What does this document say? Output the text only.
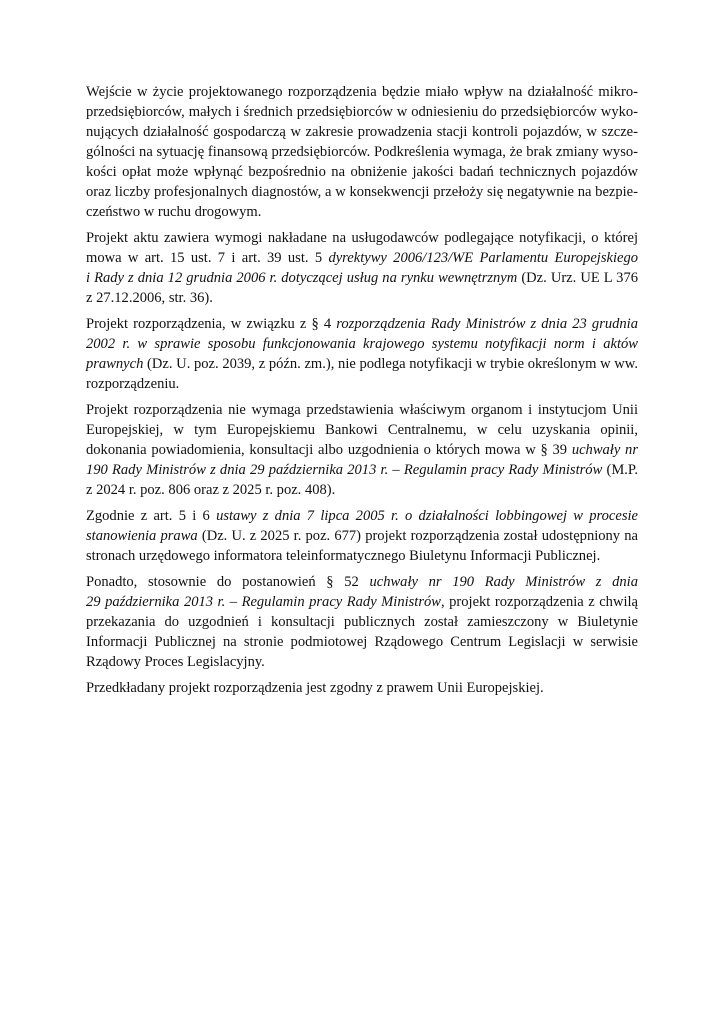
Wejście w życie projektowanego rozporządzenia będzie miało wpływ na działalność mikroprzedsiębiorców, małych i średnich przedsiębiorców w odniesieniu do przedsiębiorców wykonujących działalność gospodarczą w zakresie prowadzenia stacji kontroli pojazdów, w szczególności na sytuację finansową przedsiębiorców. Podkreślenia wymaga, że brak zmiany wysokości opłat może wpłynąć bezpośrednio na obniżenie jakości badań technicznych pojazdów oraz liczby profesjonalnych diagnostów, a w konsekwencji przełoży się negatywnie na bezpieczeństwo w ruchu drogowym.

Projekt aktu zawiera wymogi nakładane na usługodawców podlegające notyfikacji, o której mowa w art. 15 ust. 7 i art. 39 ust. 5 dyrektywy 2006/123/WE Parlamentu Europejskiego i Rady z dnia 12 grudnia 2006 r. dotyczącej usług na rynku wewnętrznym (Dz. Urz. UE L 376 z 27.12.2006, str. 36).

Projekt rozporządzenia, w związku z § 4 rozporządzenia Rady Ministrów z dnia 23 grudnia 2002 r. w sprawie sposobu funkcjonowania krajowego systemu notyfikacji norm i aktów prawnych (Dz. U. poz. 2039, z późn. zm.), nie podlega notyfikacji w trybie określonym w ww. rozporządzeniu.

Projekt rozporządzenia nie wymaga przedstawienia właściwym organom i instytucjom Unii Europejskiej, w tym Europejskiemu Bankowi Centralnemu, w celu uzyskania opinii, dokonania powiadomienia, konsultacji albo uzgodnienia o których mowa w § 39 uchwały nr 190 Rady Ministrów z dnia 29 października 2013 r. – Regulamin pracy Rady Ministrów (M.P. z 2024 r. poz. 806 oraz z 2025 r. poz. 408).

Zgodnie z art. 5 i 6 ustawy z dnia 7 lipca 2005 r. o działalności lobbingowej w procesie stanowienia prawa (Dz. U. z 2025 r. poz. 677) projekt rozporządzenia został udostępniony na stronach urzędowego informatora teleinformatycznego Biuletynu Informacji Publicznej.

Ponadto, stosownie do postanowień § 52 uchwały nr 190 Rady Ministrów z dnia 29 października 2013 r. – Regulamin pracy Rady Ministrów, projekt rozporządzenia z chwilą przekazania do uzgodnień i konsultacji publicznych został zamieszczony w Biuletynie Informacji Publicznej na stronie podmiotowej Rządowego Centrum Legislacji w serwisie Rządowy Proces Legislacyjny.

Przedkładany projekt rozporządzenia jest zgodny z prawem Unii Europejskiej.
